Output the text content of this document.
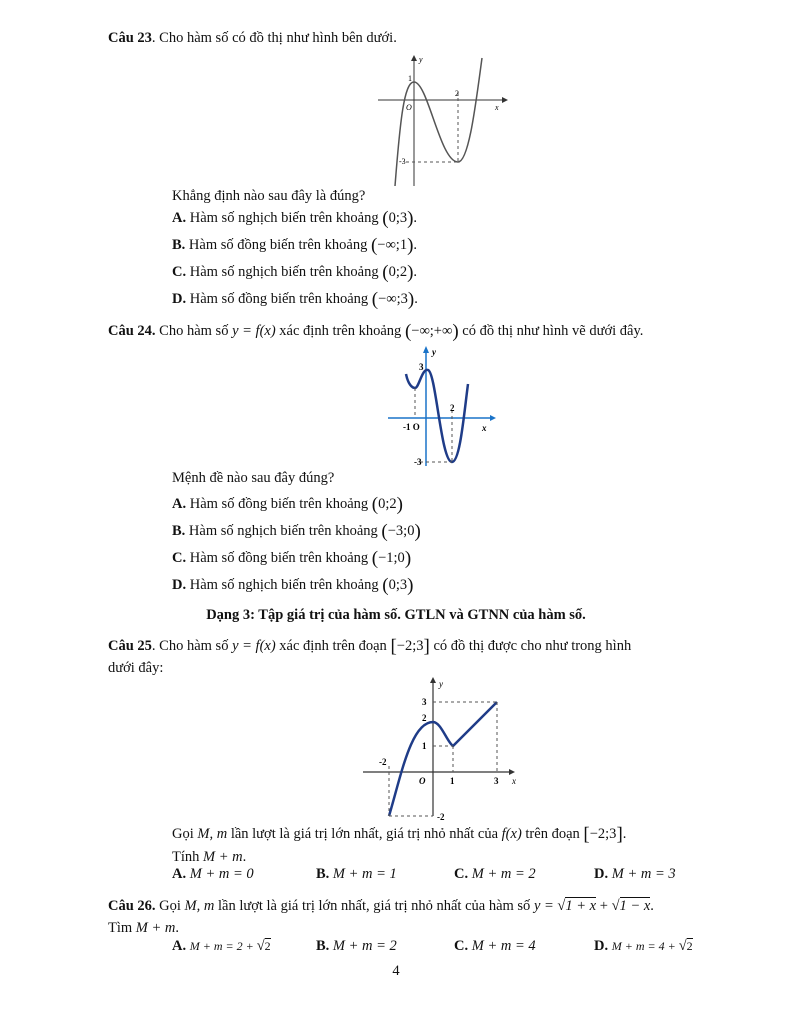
Câu 23. Cho hàm số có đồ thị như hình bên dưới.
y
x
O
1
2
-3
Khẳng định nào sau đây là đúng?
A. Hàm số nghịch biến trên khoảng (0;3).
B. Hàm số đồng biến trên khoảng (−∞;1).
C. Hàm số nghịch biến trên khoảng (0;2).
D. Hàm số đồng biến trên khoảng (−∞;3).
Câu 24. Cho hàm số y = f(x) xác định trên khoảng (−∞;+∞) có đồ thị như hình vẽ dưới đây.
y
x
-1 O
3
2
-3
Mệnh đề nào sau đây đúng?
A. Hàm số đồng biến trên khoảng (0;2)
B. Hàm số nghịch biến trên khoảng (−3;0)
C. Hàm số đồng biến trên khoảng (−1;0)
D. Hàm số nghịch biến trên khoảng (0;3)
Dạng 3: Tập giá trị của hàm số. GTLN và GTNN của hàm số.
Câu 25. Cho hàm số y = f(x) xác định trên đoạn [−2;3] có đồ thị được cho như trong hình
dưới đây:
y
x
O
3
2
1
-2
1	3
-2
Gọi M, m lần lượt là giá trị lớn nhất, giá trị nhỏ nhất của f(x) trên đoạn [−2;3].
Tính M + m.
A. M + m = 0	B. M + m = 1	C. M + m = 2	D. M + m = 3
Câu 26. Gọi M, m lần lượt là giá trị lớn nhất, giá trị nhỏ nhất của hàm số y = √1 + x + √1 − x.
Tìm M + m.
A. M + m = 2 + √2	B. M + m = 2	C. M + m = 4	D. M + m = 4 + √2
4
